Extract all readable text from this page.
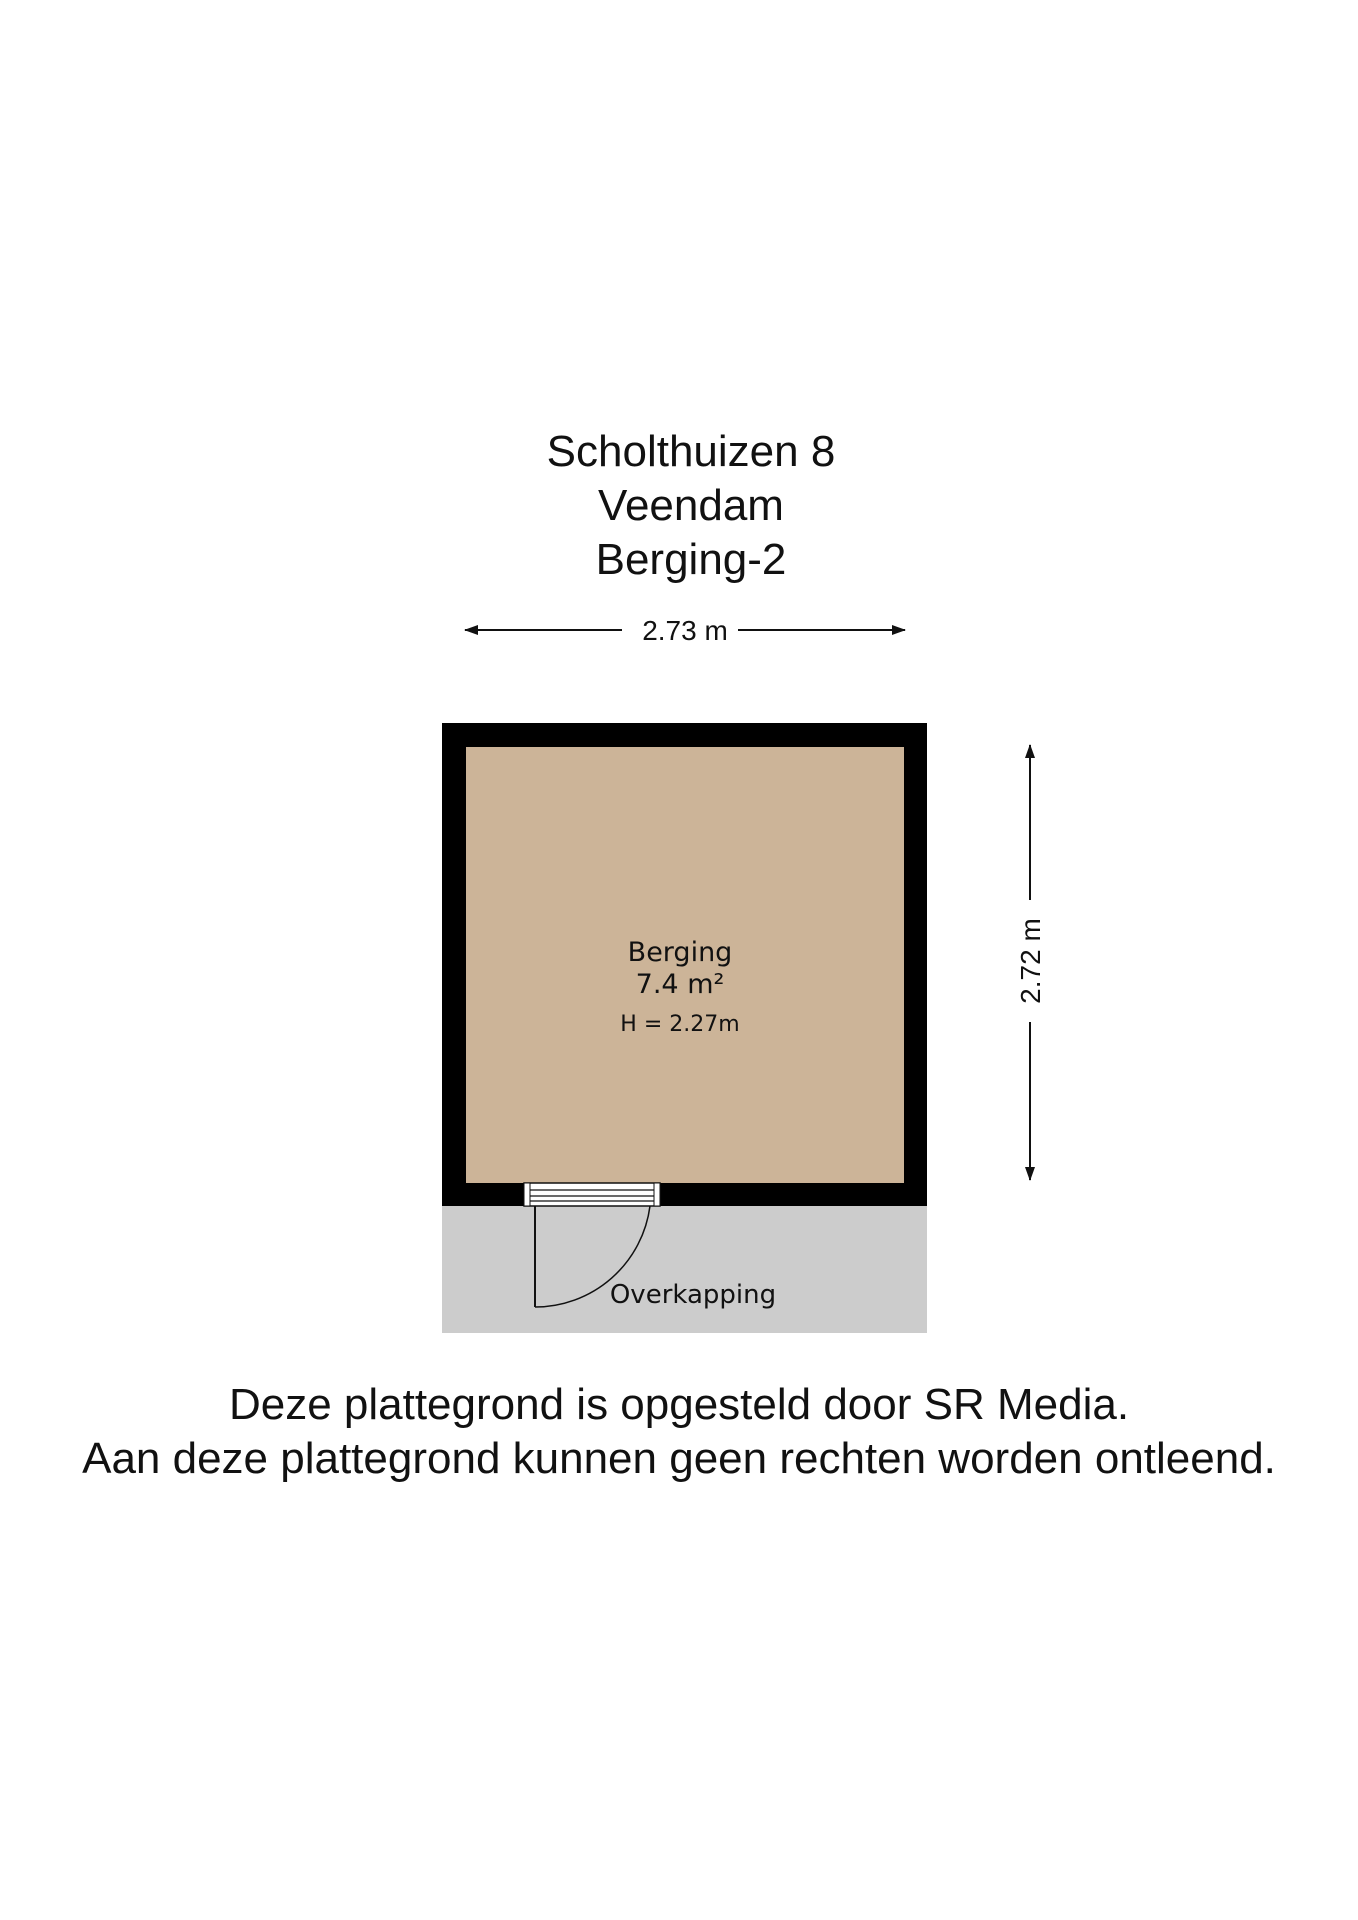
Scholthuizen 8
Veendam
Berging-2
2.73 m
2.72 m
Berging
7.4 m²
H = 2.27m
Overkapping
Deze plattegrond is opgesteld door SR Media.
Aan deze plattegrond kunnen geen rechten worden ontleend.
